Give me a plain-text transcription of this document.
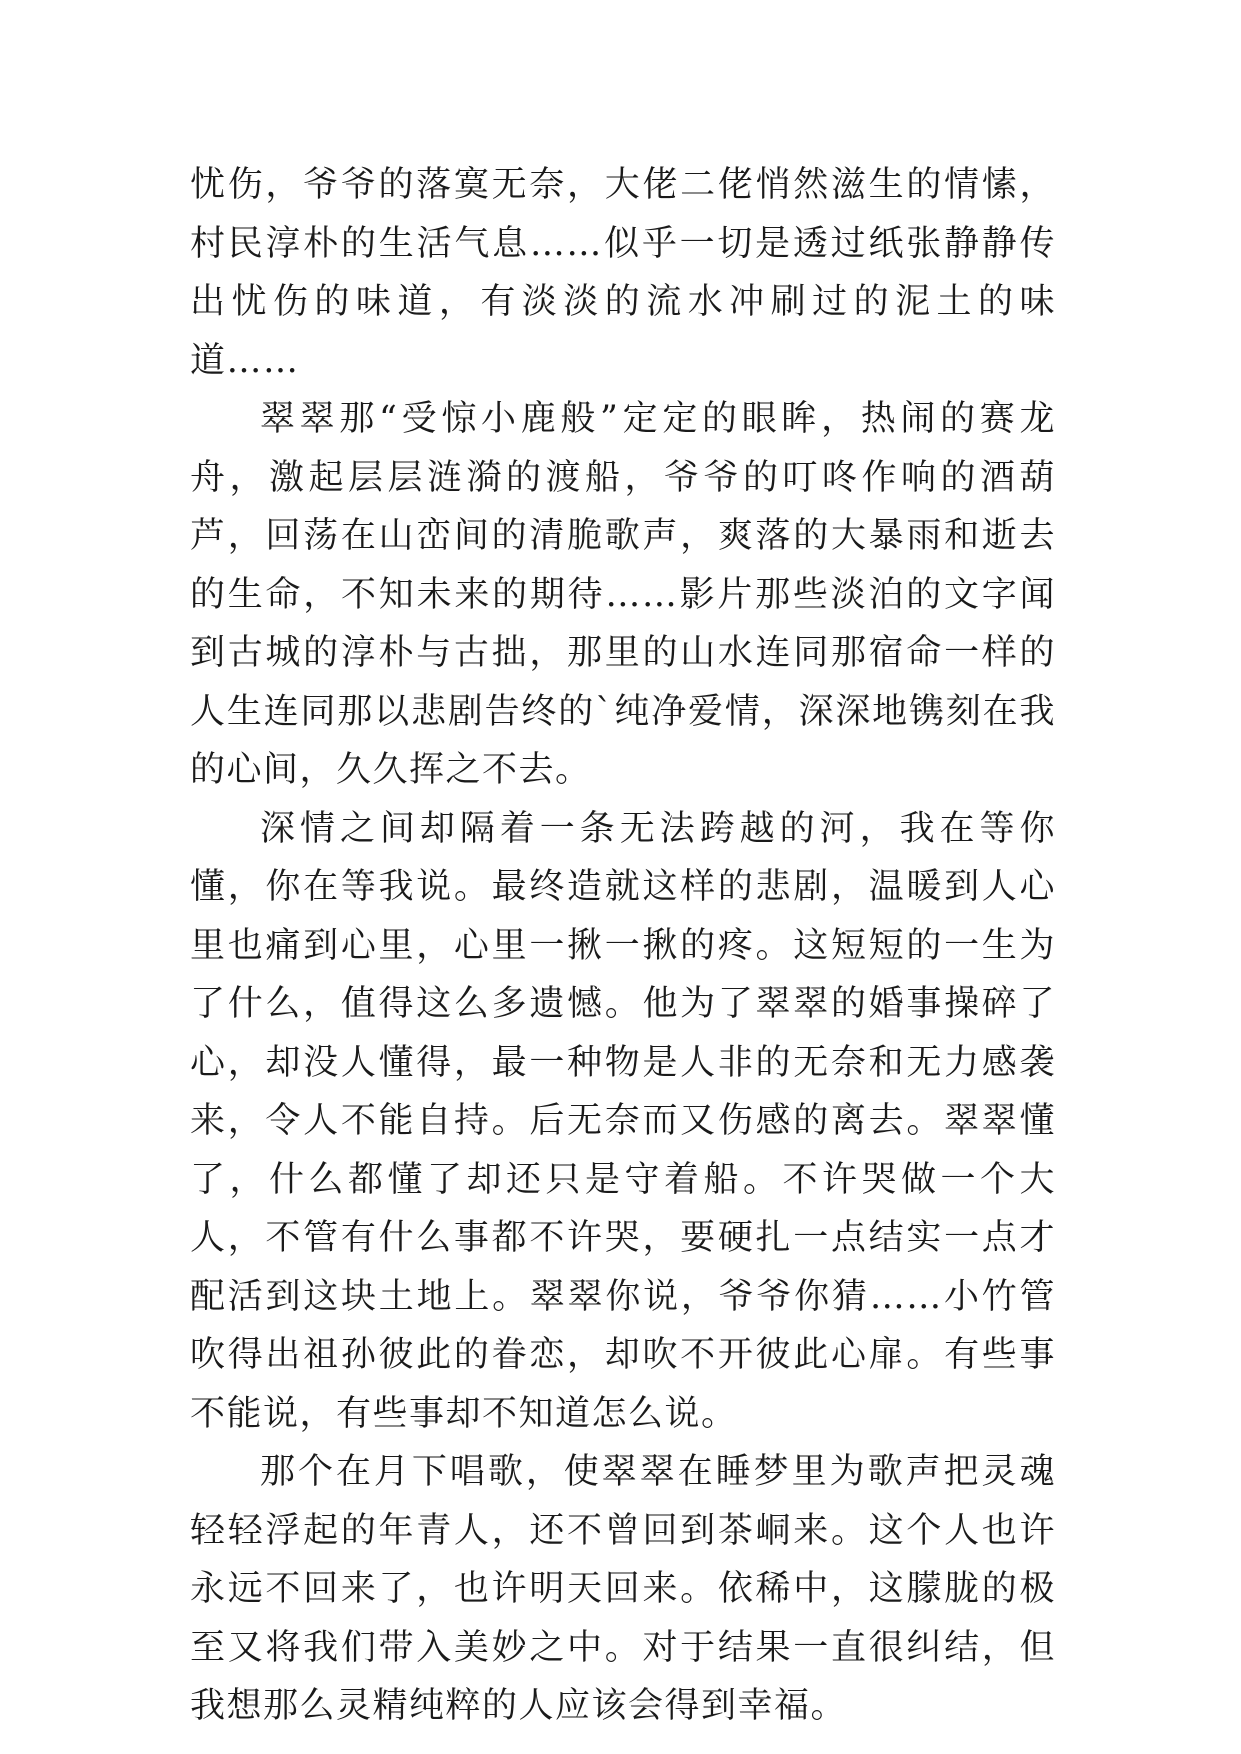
忧伤，爷爷的落寞无奈，大佬二佬悄然滋生的情愫，村民淳朴的生活气息……似乎一切是透过纸张静静传出忧伤的味道，有淡淡的流水冲刷过的泥土的味道……

翠翠那“受惊小鹿般”定定的眼眸，热闹的赛龙舟，激起层层涟漪的渡船，爷爷的叮咚作响的酒葫芦，回荡在山峦间的清脆歌声，爽落的大暴雨和逝去的生命，不知未来的期待……影片那些淡泊的文字闻到古城的淳朴与古拙，那里的山水连同那宿命一样的人生连同那以悲剧告终的`纯净爱情，深深地镌刻在我的心间，久久挥之不去。

深情之间却隔着一条无法跨越的河，我在等你懂，你在等我说。最终造就这样的悲剧，温暖到人心里也痛到心里，心里一揪一揪的疼。这短短的一生为了什么，值得这么多遗憾。他为了翠翠的婚事操碎了心，却没人懂得，最一种物是人非的无奈和无力感袭来，令人不能自持。后无奈而又伤感的离去。翠翠懂了，什么都懂了却还只是守着船。不许哭做一个大人，不管有什么事都不许哭，要硬扎一点结实一点才配活到这块土地上。翠翠你说，爷爷你猜……小竹管吹得出祖孙彼此的眷恋，却吹不开彼此心扉。有些事不能说，有些事却不知道怎么说。

那个在月下唱歌，使翠翠在睡梦里为歌声把灵魂轻轻浮起的年青人，还不曾回到茶峒来。这个人也许永远不回来了，也许明天回来。依稀中，这朦胧的极至又将我们带入美妙之中。对于结果一直很纠结，但我想那么灵精纯粹的人应该会得到幸福。
